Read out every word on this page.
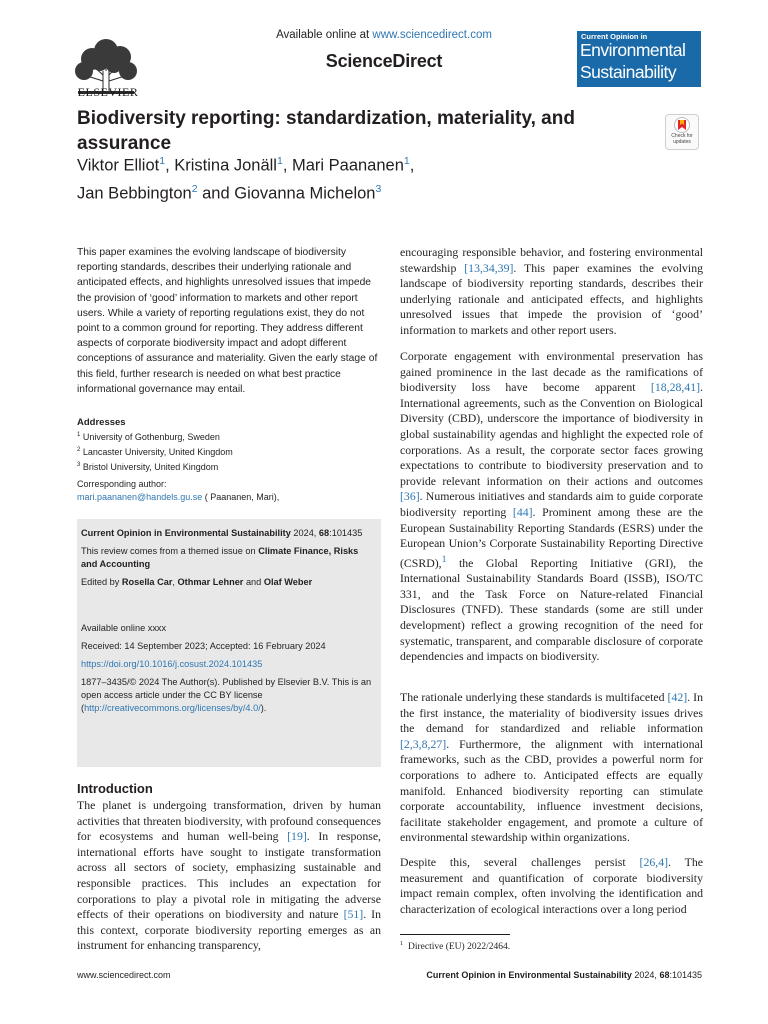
ELSEVIER
Available online at www.sciencedirect.com
ScienceDirect
Current Opinion in
Environmental
Sustainability
Biodiversity reporting: standardization, materiality, and assurance	Check for updates
Viktor Elliot$^1$, Kristina Jonäll$^1$, Mari Paananen$^1$,
Jan Bebbington$^2$ and Giovanna Michelon$^3$
This paper examines the evolving landscape of biodiversity reporting standards, describes their underlying rationale and anticipated effects, and highlights unresolved issues that impede the provision of ‘good’ information to markets and other report users. While a variety of reporting regulations exist, they do not point to a common ground for reporting. They address different aspects of corporate biodiversity impact and adopt different conceptions of assurance and materiality. Given the early stage of this field, further research is needed on what best practice informational governance may entail.
Addresses
$^1$ University of Gothenburg, Sweden
$^2$ Lancaster University, United Kingdom
$^3$ Bristol University, United Kingdom
Corresponding author:
mari.paananen@handels.gu.se ( Paananen, Mari),
Current Opinion in Environmental Sustainability 2024, 68:101435
This review comes from a themed issue on Climate Finance, Risks and Accounting
Edited by Rosella Car, Othmar Lehner and Olaf Weber
Available online xxxx
Received: 14 September 2023; Accepted: 16 February 2024
https://doi.org/10.1016/j.cosust.2024.101435
1877–3435/© 2024 The Author(s). Published by Elsevier B.V. This is an open access article under the CC BY license (http://creativecommons.org/licenses/by/4.0/).
Introduction
The planet is undergoing transformation, driven by human activities that threaten biodiversity, with profound consequences for ecosystems and human well-being [19]. In response, international efforts have sought to instigate transformation across all sectors of society, emphasizing sustainable and responsible practices. This includes an expectation for corporations to play a pivotal role in mitigating the adverse effects of their operations on biodiversity and nature [51]. In this context, corporate biodiversity reporting emerges as an instrument for enhancing transparency,
encouraging responsible behavior, and fostering environmental stewardship [13,34,39]. This paper examines the evolving landscape of biodiversity reporting standards, describes their underlying rationale and anticipated effects, and highlights unresolved issues that impede the provision of ‘good’ information to markets and other report users.
Corporate engagement with environmental preservation has gained prominence in the last decade as the ramifications of biodiversity loss have become apparent [18,28,41]. International agreements, such as the Convention on Biological Diversity (CBD), underscore the importance of biodiversity in global sustainability agendas and highlight the expected role of corporations. As a result, the corporate sector faces growing expectations to contribute to biodiversity preservation and to provide relevant information on their actions and outcomes [36]. Numerous initiatives and standards aim to guide corporate biodiversity reporting [44]. Prominent among these are the European Sustainability Reporting Standards (ESRS) under the European Union’s Corporate Sustainability Reporting Directive (CSRD),$^1$ the Global Reporting Initiative (GRI), the International Sustainability Standards Board (ISSB), ISO/TC 331, and the Task Force on Nature-related Financial Disclosures (TNFD). These standards (some are still under development) reflect a growing recognition of the need for systematic, transparent, and comparable disclosure of corporate dependencies and impacts on biodiversity.
The rationale underlying these standards is multifaceted [42]. In the first instance, the materiality of biodiversity issues drives the demand for standardized and reliable information [2,3,8,27]. Furthermore, the alignment with international frameworks, such as the CBD, provides a powerful norm for corporations to adhere to. Anticipated effects are equally manifold. Enhanced biodiversity reporting can stimulate corporate accountability, influence investment decisions, facilitate stakeholder engagement, and promote a culture of environmental stewardship within organizations.
Despite this, several challenges persist [26,4]. The measurement and quantification of corporate biodiversity impact remain complex, often involving the identification and characterization of ecological interactions over a long period
$^1$ Directive (EU) 2022/2464.
www.sciencedirect.com	Current Opinion in Environmental Sustainability 2024, 68:101435
